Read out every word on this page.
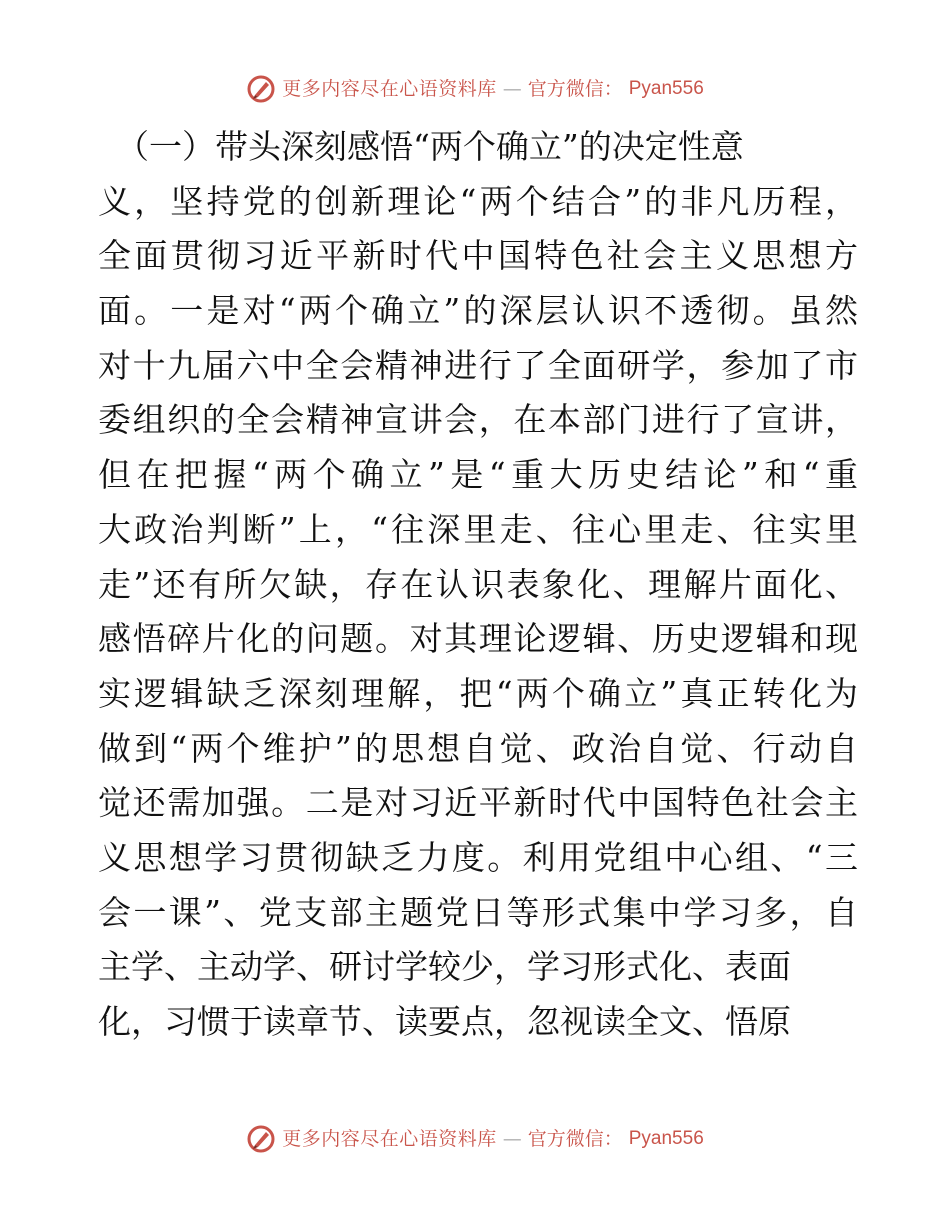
更多内容尽在心语资料库 — 官方微信： Pyan556
（一）带头深刻感悟“两个确立”的决定性意
义，坚持党的创新理论“两个结合”的非凡历程，
全面贯彻习近平新时代中国特色社会主义思想方
面。一是对“两个确立”的深层认识不透彻。虽然
对十九届六中全会精神进行了全面研学，参加了市
委组织的全会精神宣讲会，在本部门进行了宣讲，
但在把握“两个确立”是“重大历史结论”和“重
大政治判断”上，“往深里走、往心里走、往实里
走”还有所欠缺，存在认识表象化、理解片面化、
感悟碎片化的问题。对其理论逻辑、历史逻辑和现
实逻辑缺乏深刻理解，把“两个确立”真正转化为
做到“两个维护”的思想自觉、政治自觉、行动自
觉还需加强。二是对习近平新时代中国特色社会主
义思想学习贯彻缺乏力度。利用党组中心组、“三
会一课”、党支部主题党日等形式集中学习多，自
主学、主动学、研讨学较少，学习形式化、表面
化，习惯于读章节、读要点，忽视读全文、悟原
更多内容尽在心语资料库 — 官方微信： Pyan556
